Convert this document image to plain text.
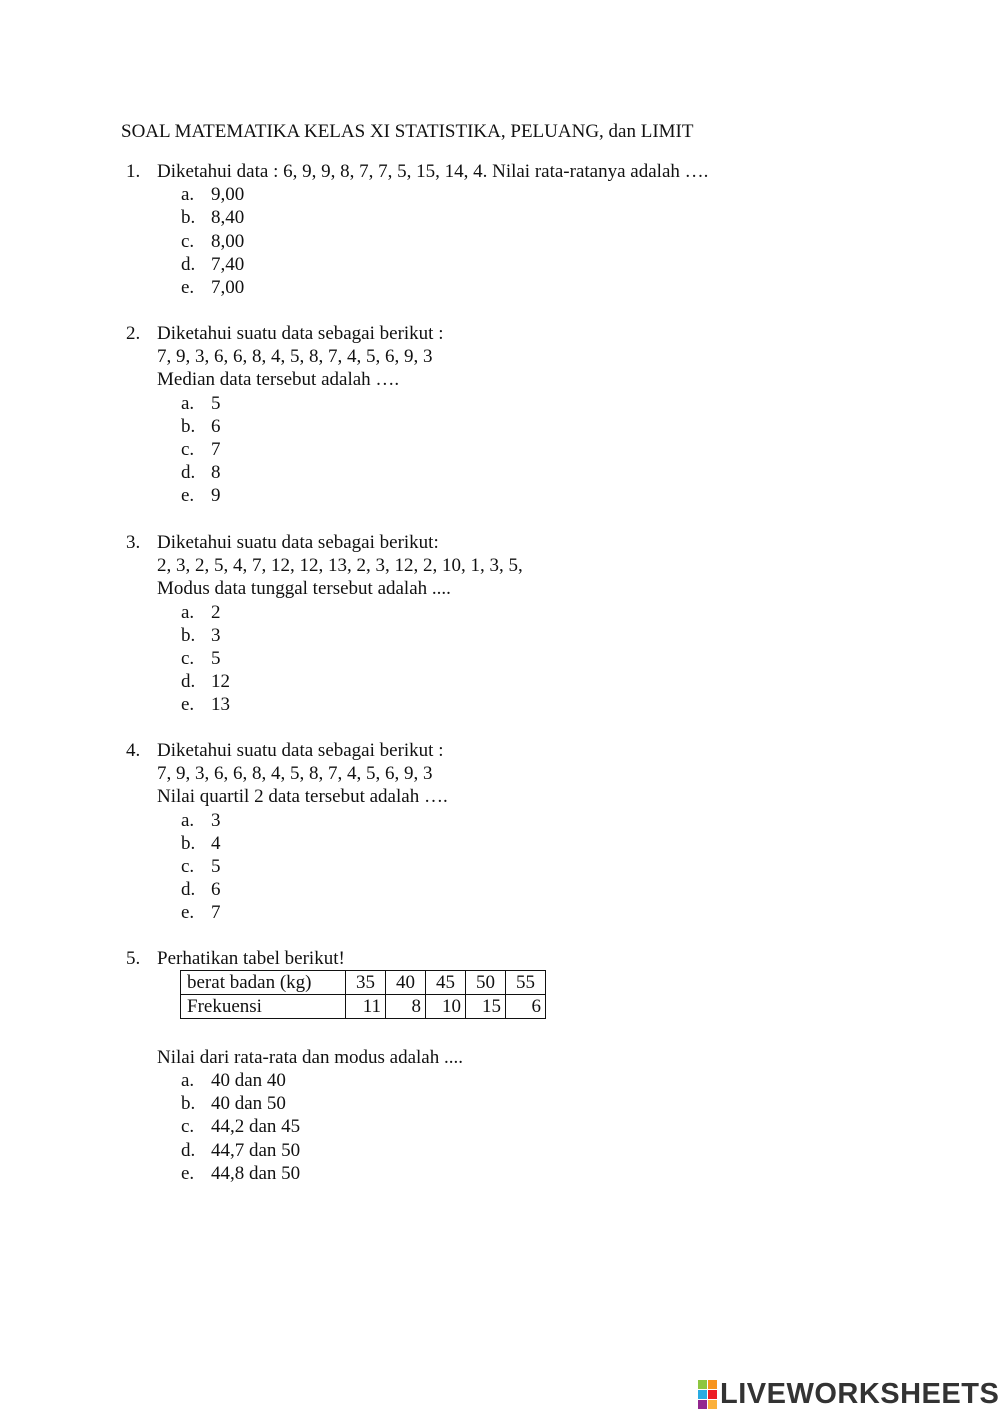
SOAL MATEMATIKA KELAS XI STATISTIKA, PELUANG, dan LIMIT
1. Diketahui data : 6, 9, 9, 8, 7, 7, 5, 15, 14, 4. Nilai rata-ratanya adalah ….
a. 9,00
b. 8,40
c. 8,00
d. 7,40
e. 7,00
2. Diketahui suatu data sebagai berikut :
7, 9, 3, 6, 6, 8, 4, 5, 8, 7, 4, 5, 6, 9, 3
Median data tersebut adalah ….
a. 5
b. 6
c. 7
d. 8
e. 9
3. Diketahui suatu data sebagai berikut:
2, 3, 2, 5, 4, 7, 12, 12, 13, 2, 3, 12, 2, 10, 1, 3, 5,
Modus data tunggal tersebut adalah ....
a. 2
b. 3
c. 5
d. 12
e. 13
4. Diketahui suatu data sebagai berikut :
7, 9, 3, 6, 6, 8, 4, 5, 8, 7, 4, 5, 6, 9, 3
Nilai quartil 2 data tersebut adalah ….
a. 3
b. 4
c. 5
d. 6
e. 7
5. Perhatikan tabel berikut!
Nilai dari rata-rata dan modus adalah ....
a. 40 dan 40
b. 40 dan 50
c. 44,2 dan 45
d. 44,7 dan 50
e. 44,8 dan 50
berat badan (kg)	35	40	45	50	55
Frekuensi	11	8	10	15	6
LIVEWORKSHEETS
